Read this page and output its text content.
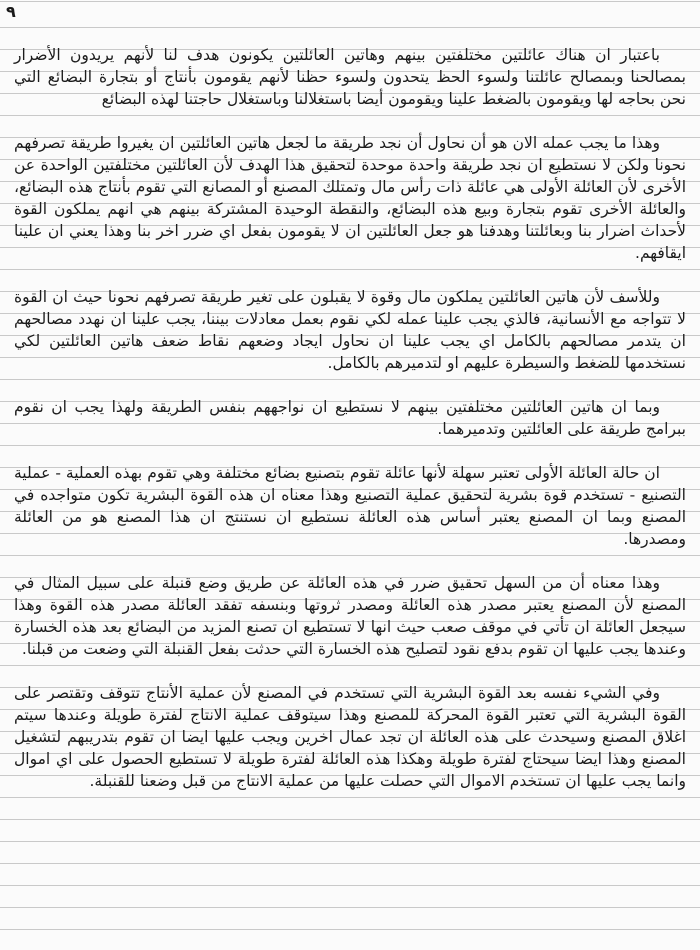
٩

باعتبار ان هناك عائلتين مختلفتين بينهم وهاتين العائلتين يكونون هدف لنا لأنهم يريدون الأضرار بمصالحنا وبمصالح عائلتنا ولسوء الحظ يتحدون ولسوء حظنا لأنهم يقومون بأنتاج أو بتجارة البضائع التي نحن بحاجه لها ويقومون بالضغط علينا ويقومون أيضا باستغلالنا وباستغلال حاجتنا لهذه البضائع

وهذا ما يجب عمله الان هو أن نحاول أن نجد طريقة ما لجعل هاتين العائلتين ان يغيروا طريقة تصرفهم نحونا ولكن لا نستطيع ان نجد طريقة واحدة موحدة لتحقيق هذا الهدف لأن العائلتين مختلفتين الواحدة عن الأخرى لأن العائلة الأولى هي عائلة ذات رأس مال وتمتلك المصنع أو المصانع التي تقوم بأنتاج هذه البضائع، والعائلة الأخرى تقوم بتجارة وبيع هذه البضائع، والنقطة الوحيدة المشتركة بينهم هي انهم يملكون القوة لأحداث اضرار بنا وبعائلتنا وهدفنا هو جعل العائلتين ان لا يقومون بفعل اي ضرر اخر بنا وهذا يعني ان علينا ايقافهم.

وللأسف لأن هاتين العائلتين يملكون مال وقوة لا يقبلون على تغير طريقة تصرفهم نحونا حيث ان القوة لا تتواجه مع الأنسانية، فالذي يجب علينا عمله لكي نقوم بعمل معادلات بيننا، يجب علينا ان نهدد مصالحهم ان يتدمر مصالحهم بالكامل اي يجب علينا ان نحاول ايجاد وضعهم نقاط ضعف هاتين العائلتين لكي نستخدمها للضغط والسيطرة عليهم او لتدميرهم بالكامل.

وبما ان هاتين العائلتين مختلفتين بينهم لا نستطيع ان نواجههم بنفس الطريقة ولهذا يجب ان نقوم ببرامج طريقة على العائلتين وتدميرهما.

ان حالة العائلة الأولى تعتبر سهلة لأنها عائلة تقوم بتصنيع بضائع مختلفة وهي تقوم بهذه العملية - عملية التصنيع - تستخدم قوة بشرية لتحقيق عملية التصنيع وهذا معناه ان هذه القوة البشرية تكون متواجده في المصنع وبما ان المصنع يعتبر أساس هذه العائلة نستطيع ان نستنتج ان هذا المصنع هو من العائلة ومصدرها.

وهذا معناه أن من السهل تحقيق ضرر في هذه العائلة عن طريق وضع قنبلة على سبيل المثال في المصنع لأن المصنع يعتبر مصدر هذه العائلة ومصدر ثروتها وبنسفه تفقد العائلة مصدر هذه القوة وهذا سيجعل العائلة ان تأتي في موقف صعب حيث انها لا تستطيع ان تصنع المزيد من البضائع بعد هذه الخسارة وعندها يجب عليها ان تقوم بدفع نقود لتصليح هذه الخسارة التي حدثت بفعل القنبلة التي وضعت من قبلنا.

وفي الشيء نفسه بعد القوة البشرية التي تستخدم في المصنع لأن عملية الأنتاج تتوقف وتقتصر على القوة البشرية التي تعتبر القوة المحركة للمصنع وهذا سيتوقف عملية الانتاج لفترة طويلة وعندها سيتم اغلاق المصنع وسيحدث على هذه العائلة ان تجد عمال اخرين ويجب عليها ايضا ان تقوم بتدريبهم لتشغيل المصنع وهذا ايضا سيحتاج لفترة طويلة وهكذا هذه العائلة لفترة طويلة لا تستطيع الحصول على اي اموال وانما يجب عليها ان تستخدم الاموال التي حصلت عليها من عملية الانتاج من قبل وضعنا للقنبلة.
